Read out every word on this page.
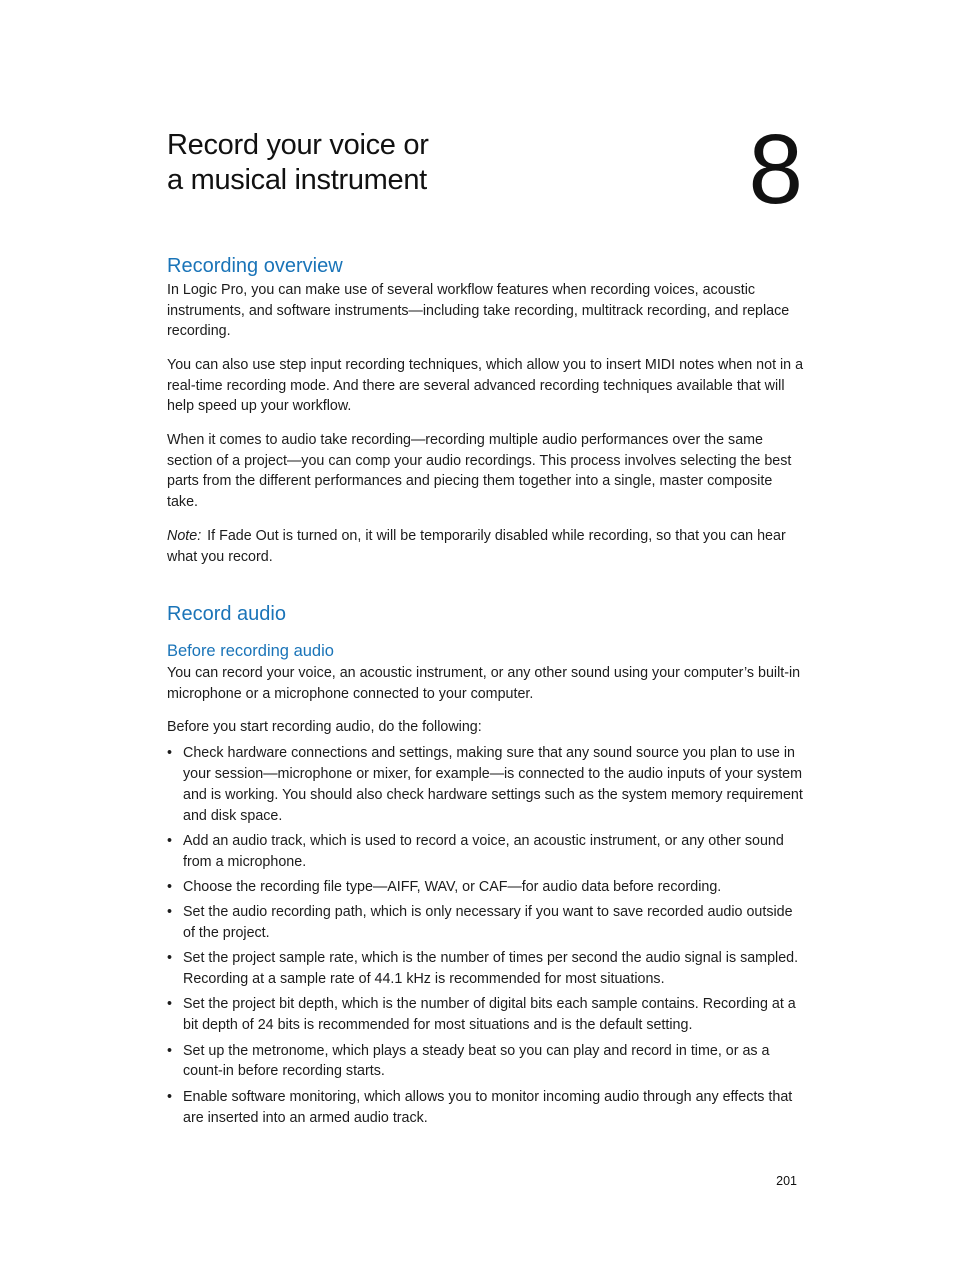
Record your voice or
a musical instrument	8
Recording overview

In Logic Pro, you can make use of several workflow features when recording voices, acoustic instruments, and software instruments—including take recording, multitrack recording, and replace recording.

You can also use step input recording techniques, which allow you to insert MIDI notes when not in a real-time recording mode. And there are several advanced recording techniques available that will help speed up your workflow.

When it comes to audio take recording—recording multiple audio performances over the same section of a project—you can comp your audio recordings. This process involves selecting the best parts from the different performances and piecing them together into a single, master composite take.

Note: If Fade Out is turned on, it will be temporarily disabled while recording, so that you can hear what you record.

Record audio
Before recording audio

You can record your voice, an acoustic instrument, or any other sound using your computer’s built-in microphone or a microphone connected to your computer.

Before you start recording audio, do the following:

• Check hardware connections and settings, making sure that any sound source you plan to use in your session—microphone or mixer, for example—is connected to the audio inputs of your system and is working. You should also check hardware settings such as the system memory requirement and disk space.
• Add an audio track, which is used to record a voice, an acoustic instrument, or any other sound from a microphone.
• Choose the recording file type—AIFF, WAV, or CAF—for audio data before recording.
• Set the audio recording path, which is only necessary if you want to save recorded audio outside of the project.
• Set the project sample rate, which is the number of times per second the audio signal is sampled. Recording at a sample rate of 44.1 kHz is recommended for most situations.
• Set the project bit depth, which is the number of digital bits each sample contains. Recording at a bit depth of 24 bits is recommended for most situations and is the default setting.
• Set up the metronome, which plays a steady beat so you can play and record in time, or as a count-in before recording starts.
• Enable software monitoring, which allows you to monitor incoming audio through any effects that are inserted into an armed audio track.
201
